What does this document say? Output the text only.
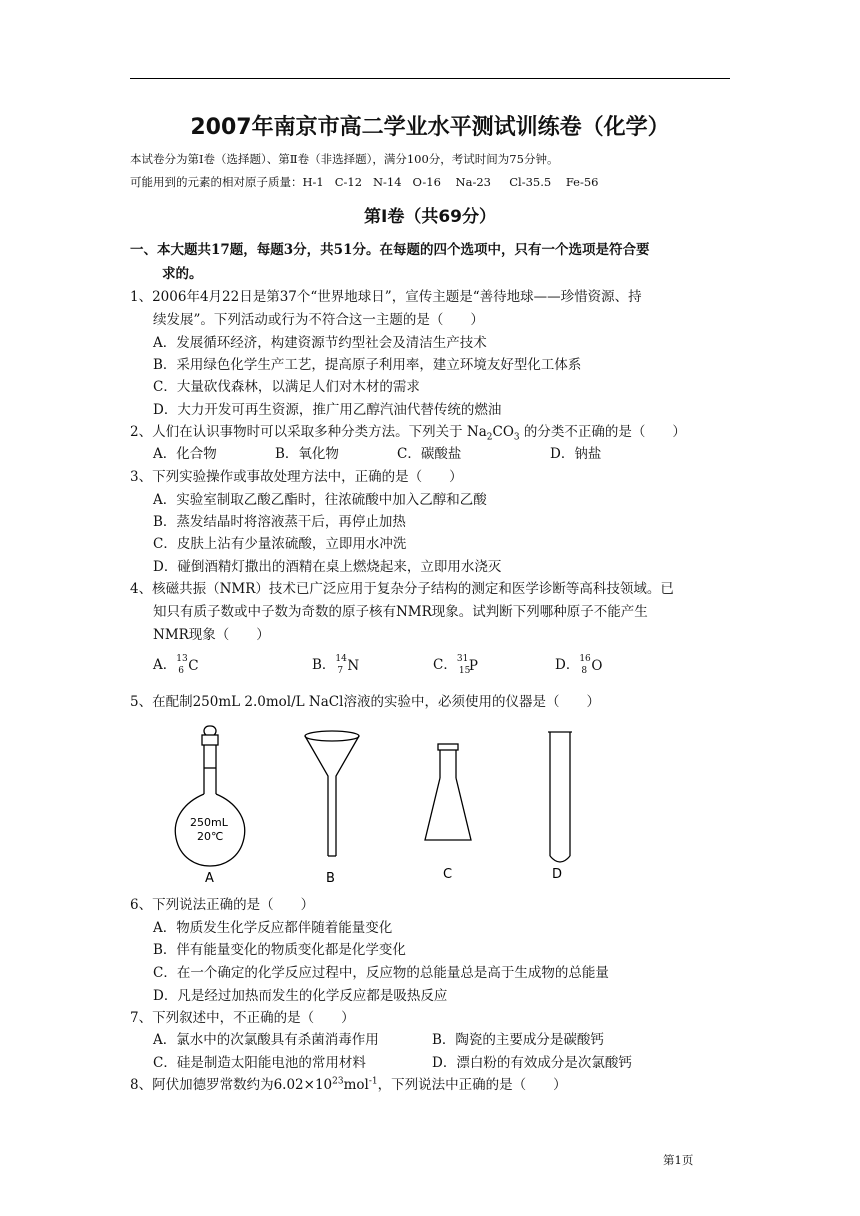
2007年南京市高二学业水平测试训练卷（化学）
本试卷分为第Ⅰ卷（选择题）、第Ⅱ卷（非选择题），满分100分，考试时间为75分钟。
可能用到的元素的相对原子质量：H-1   C-12   N-14   O-16    Na-23     Cl-35.5    Fe-56
第Ⅰ卷（共69分）
一、本大题共17题，每题3分，共51分。在每题的四个选项中，只有一个选项是符合要
求的。
1、2006年4月22日是第37个“世界地球日”，宣传主题是“善待地球——珍惜资源、持
续发展”。下列活动或行为不符合这一主题的是（　　）
A．发展循环经济，构建资源节约型社会及清洁生产技术
B．采用绿色化学生产工艺，提高原子利用率，建立环境友好型化工体系
C．大量砍伐森林，以满足人们对木材的需求
D．大力开发可再生资源，推广用乙醇汽油代替传统的燃油
2、人们在认识事物时可以采取多种分类方法。下列关于 $Na_2CO_3$ 的分类不正确的是（　　）
A．化合物	B．氧化物	C．碳酸盐	D．钠盐
3、下列实验操作或事故处理方法中，正确的是（　　）
A．实验室制取乙酸乙酯时，往浓硫酸中加入乙醇和乙酸
B．蒸发结晶时将溶液蒸干后，再停止加热
C．皮肤上沾有少量浓硫酸，立即用水冲洗
D．碰倒酒精灯撒出的酒精在桌上燃烧起来，立即用水浇灭
4、核磁共振（NMR）技术已广泛应用于复杂分子结构的测定和医学诊断等高科技领域。已
知只有质子数或中子数为奇数的原子核有NMR现象。试判断下列哪种原子不能产生
NMR现象（　　）
A． 13
6 C	B． 14
7 N	C． 31
15
P	D． 16
8 O
5、在配制250mL 2.0mol/L NaCl溶液的实验中，必须使用的仪器是（　　）
250mL
20℃
A	B	C	D
6、下列说法正确的是（　　）
A．物质发生化学反应都伴随着能量变化
B．伴有能量变化的物质变化都是化学变化
C．在一个确定的化学反应过程中，反应物的总能量总是高于生成物的总能量
D．凡是经过加热而发生的化学反应都是吸热反应
7、下列叙述中，不正确的是（　　）
A．氯水中的次氯酸具有杀菌消毒作用	B．陶瓷的主要成分是碳酸钙
C．硅是制造太阳能电池的常用材料	D．漂白粉的有效成分是次氯酸钙
8、阿伏加德罗常数约为$6.02\times 10^{23}mol^{-1}$，下列说法中正确的是（　　）
第1页
